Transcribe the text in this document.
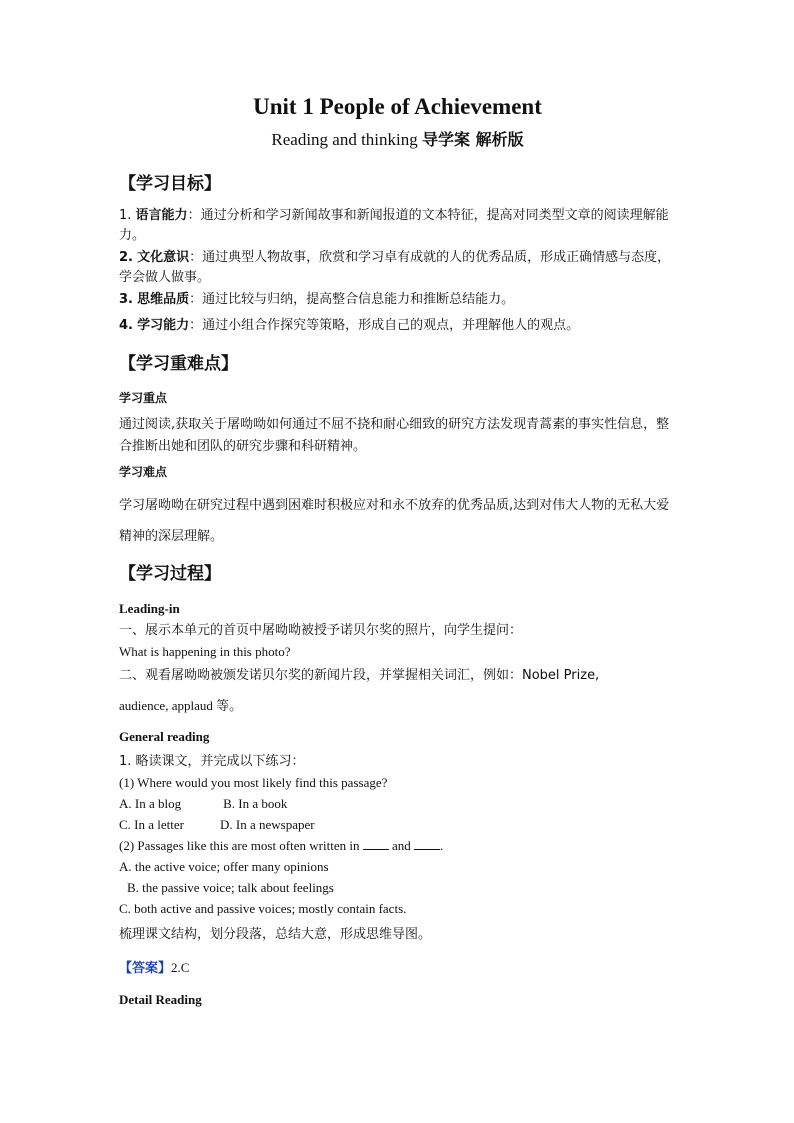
Unit 1 People of Achievement
Reading and thinking 导学案 解析版
【学习目标】

1. 语言能力：通过分析和学习新闻故事和新闻报道的文本特征，提高对同类型文章的阅读理解能力。

2. 文化意识：通过典型人物故事，欣赏和学习卓有成就的人的优秀品质，形成正确情感与态度，学会做人做事。

3. 思维品质：通过比较与归纳，提高整合信息能力和推断总结能力。

4. 学习能力：通过小组合作探究等策略，形成自己的观点，并理解他人的观点。

【学习重难点】

学习重点

通过阅读,获取关于屠呦呦如何通过不屈不挠和耐心细致的研究方法发现青蒿素的事实性信息，整合推断出她和团队的研究步骤和科研精神。

学习难点

学习屠呦呦在研究过程中遇到困难时积极应对和永不放弃的优秀品质,达到对伟大人物的无私大爱精神的深层理解。

【学习过程】

Leading-in

一、展示本单元的首页中屠呦呦被授予诺贝尔奖的照片，向学生提问：

What is happening in this photo?

二、观看屠呦呦被颁发诺贝尔奖的新闻片段，并掌握相关词汇，例如：Nobel Prize,

audience, applaud 等。

General reading

1. 略读课文，并完成以下练习：

(1) Where would you most likely find this passage?

A. In a blog	B. In a book

C. In a letter	D. In a newspaper

(2) Passages like this are most often written in	and .

A. the active voice; offer many opinions

B. the passive voice; talk about feelings

C. both active and passive voices; mostly contain facts.

梳理课文结构，划分段落，总结大意，形成思维导图。

【答案】2.C

Detail Reading
